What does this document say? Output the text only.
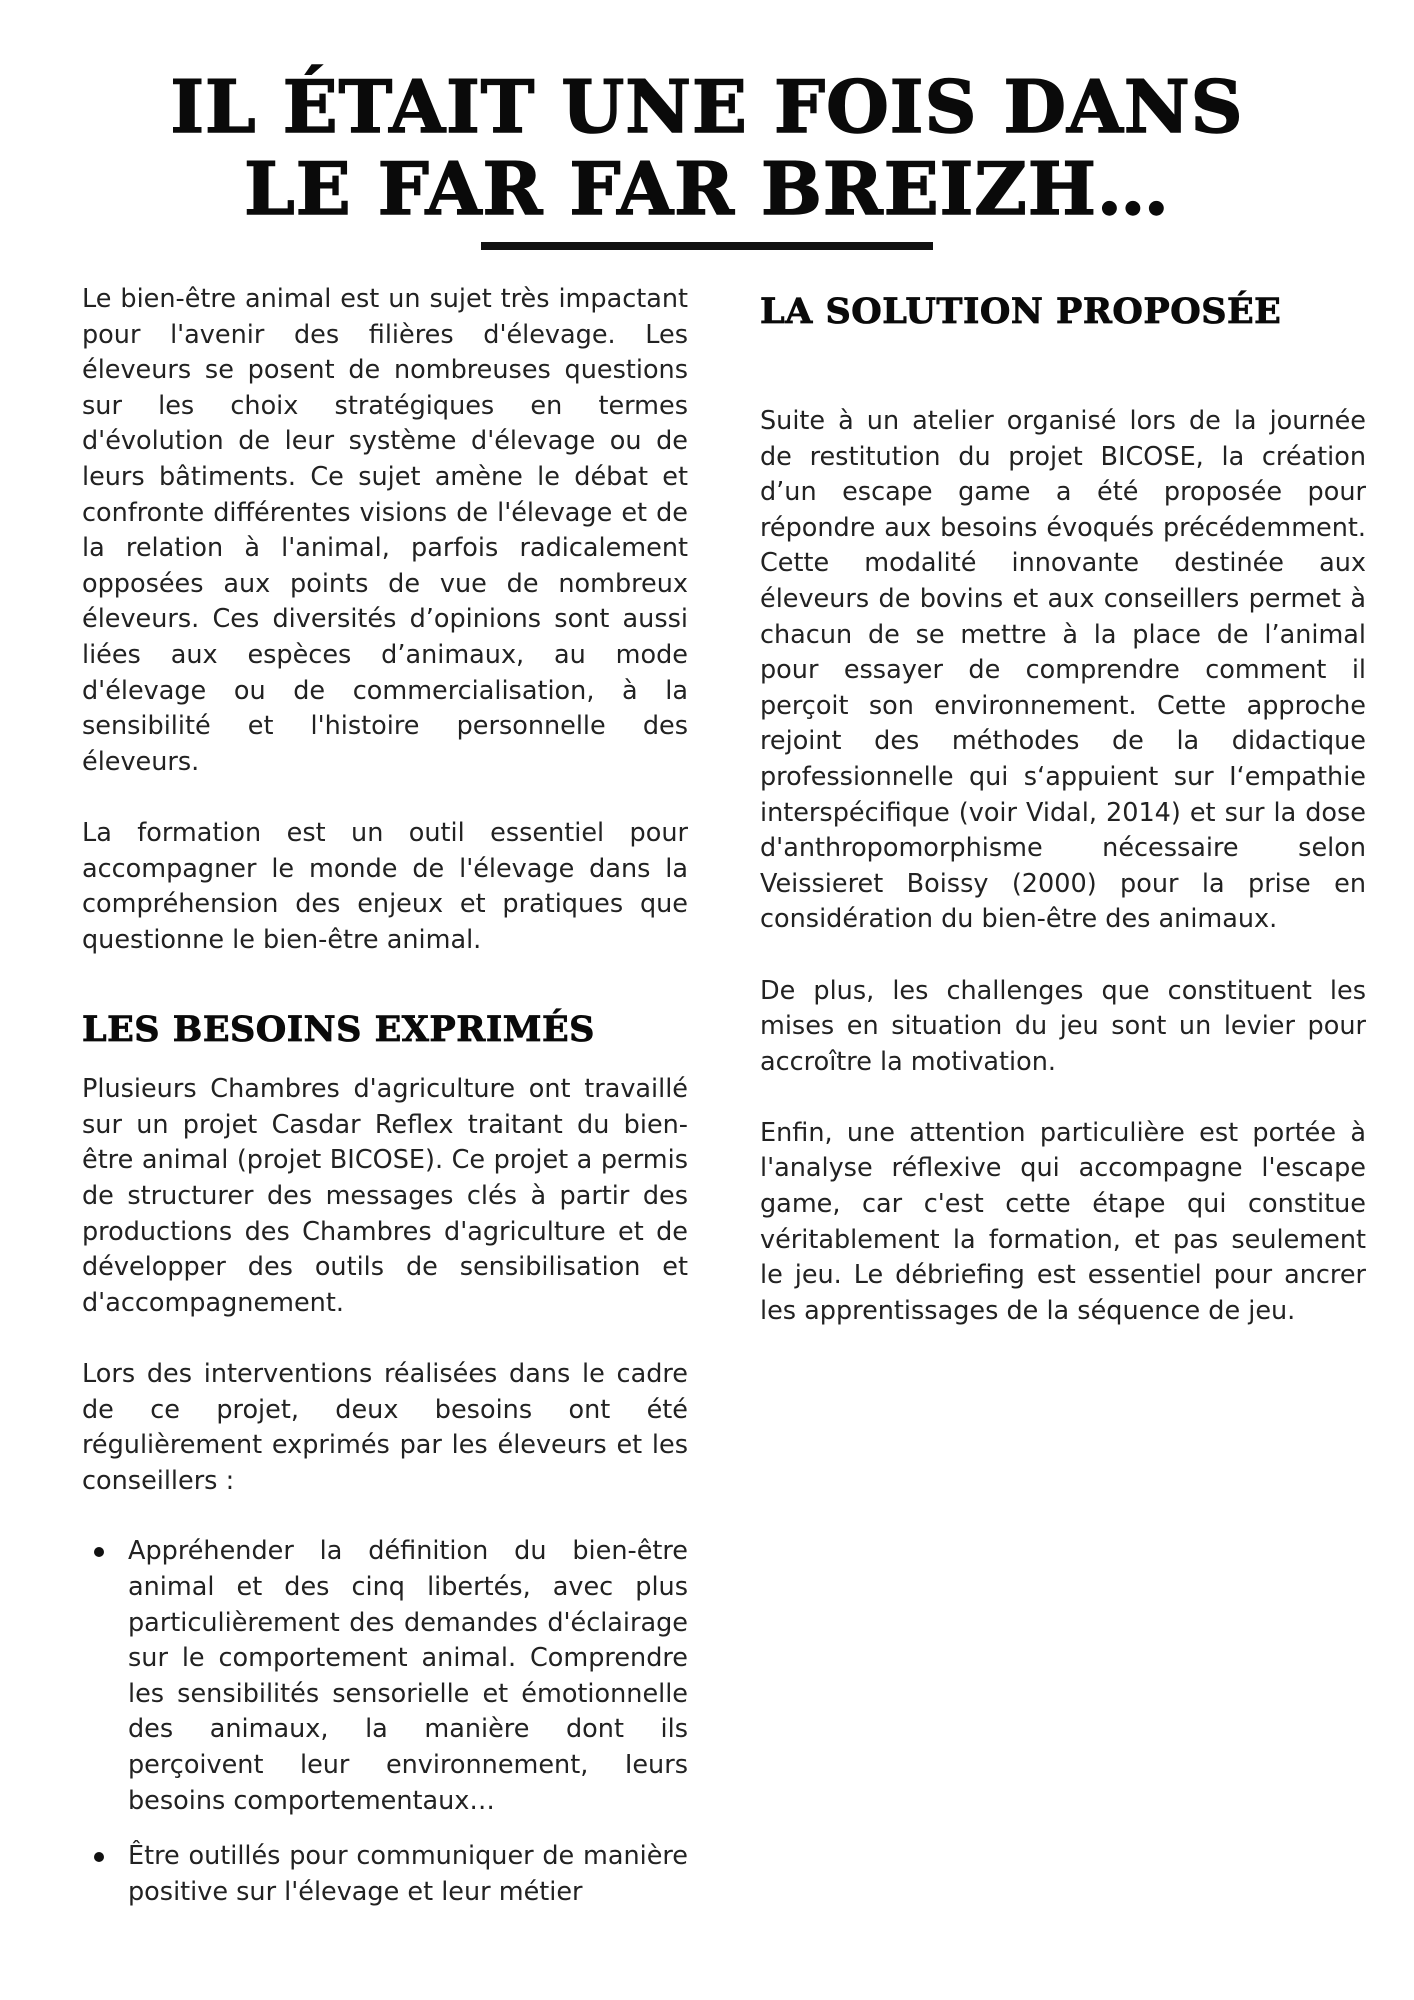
IL ÉTAIT UNE FOIS DANS
LE FAR FAR BREIZH…

Le bien-être animal est un sujet très impactant pour l'avenir des filières d'élevage. Les éleveurs se posent de nombreuses questions sur les choix stratégiques en termes d'évolution de leur système d'élevage ou de leurs bâtiments. Ce sujet amène le débat et confronte différentes visions de l'élevage et de la relation à l'animal, parfois radicalement opposées aux points de vue de nombreux éleveurs. Ces diversités d’opinions sont aussi liées aux espèces d’animaux, au mode d'élevage ou de commercialisation, à la sensibilité et l'histoire personnelle des éleveurs.

La formation est un outil essentiel pour accompagner le monde de l'élevage dans la compréhension des enjeux et pratiques que questionne le bien-être animal.

LES BESOINS EXPRIMÉS

Plusieurs Chambres d'agriculture ont travaillé sur un projet Casdar Reflex traitant du bien-être animal (projet BICOSE). Ce projet a permis de structurer des messages clés à partir des productions des Chambres d'agriculture et de développer des outils de sensibilisation et d'accompagnement.

Lors des interventions réalisées dans le cadre de ce projet, deux besoins ont été régulièrement exprimés par les éleveurs et les conseillers :

Appréhender la définition du bien-être animal et des cinq libertés, avec plus particulièrement des demandes d'éclairage sur le comportement animal. Comprendre les sensibilités sensorielle et émotionnelle des animaux, la manière dont ils perçoivent leur environnement, Ieurs besoins comportementaux…
Être outillés pour communiquer de manière positive sur l'élevage et leur métier
LA SOLUTION PROPOSÉE

Suite à un atelier organisé lors de la journée de restitution du projet BICOSE, la création d’un escape game a été proposée pour répondre aux besoins évoqués précédemment. Cette modalité innovante destinée aux éleveurs de bovins et aux conseillers permet à chacun de se mettre à la place de l’animal pour essayer de comprendre comment il perçoit son environnement. Cette approche rejoint des méthodes de la didactique professionnelle qui s‘appuient sur I‘empathie interspécifique (voir Vidal, 2014) et sur la dose d'anthropomorphisme nécessaire selon Veissieret Boissy (2000) pour la prise en considération du bien-être des animaux.

De plus, les challenges que constituent les mises en situation du jeu sont un levier pour accroître la motivation.

Enfin, une attention particulière est portée à l'analyse réflexive qui accompagne l'escape game, car c'est cette étape qui constitue véritablement la formation, et pas seulement le jeu. Le débriefing est essentiel pour ancrer les apprentissages de la séquence de jeu.
